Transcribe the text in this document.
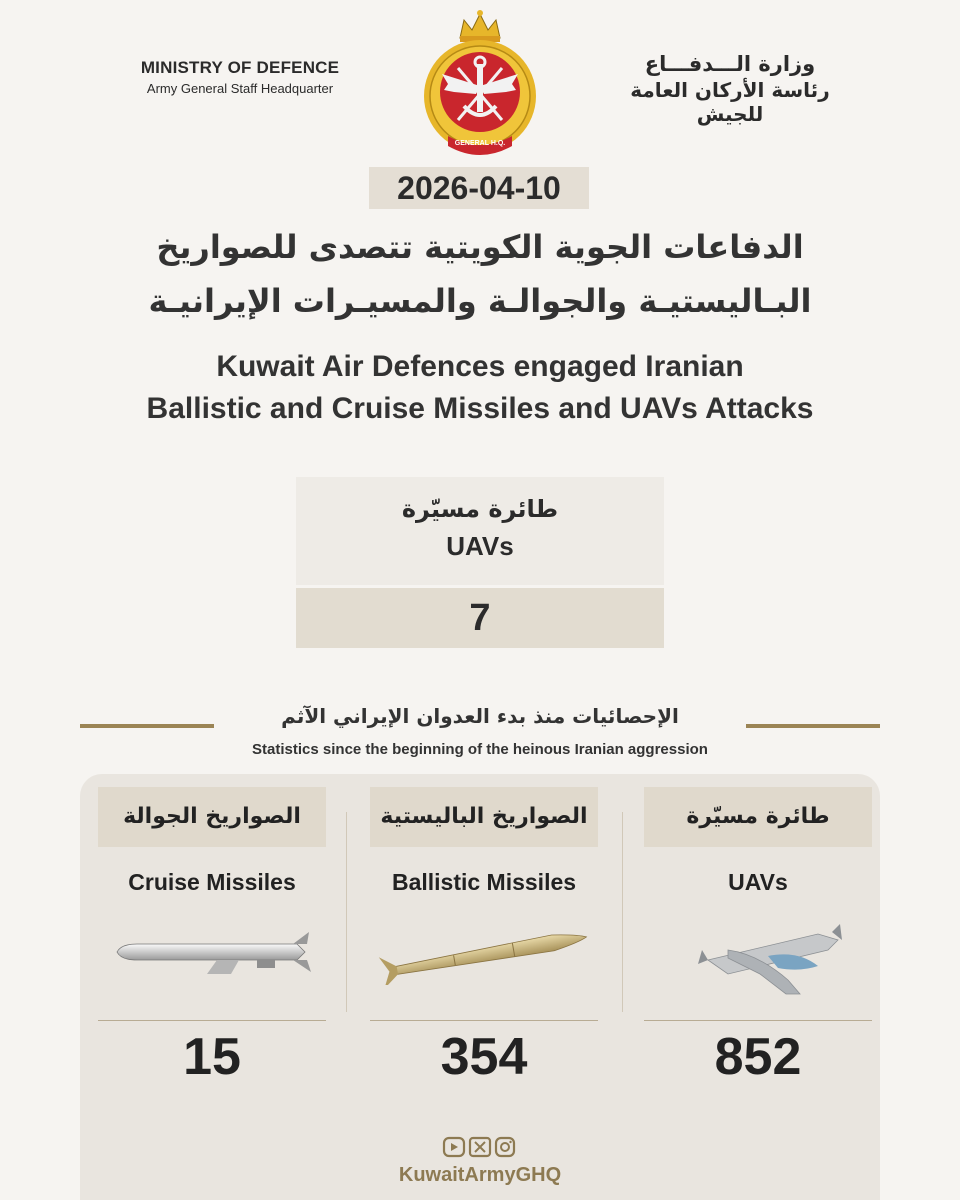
MINISTRY OF DEFENCE
Army General Staff Headquarter
GENERAL H.Q.
وزارة الـــدفـــاع
رئاسة الأركان العامة للجيش
2026-04-10
الدفاعات الجوية الكويتية تتصدى للصواريخ
البـاليستيـة والجوالـة والمسيـرات الإيرانيـة
Kuwait Air Defences engaged Iranian
Ballistic and Cruise Missiles and UAVs Attacks
طائرة مسيّرة
UAVs
7
الإحصائيات منذ بدء العدوان الإيراني الآثم
Statistics since the beginning of the heinous Iranian aggression
الصواريخ الجوالة
Cruise Missiles
15
الصواريخ الباليستية
Ballistic Missiles
354
طائرة مسيّرة
UAVs
852
KuwaitArmyGHQ
